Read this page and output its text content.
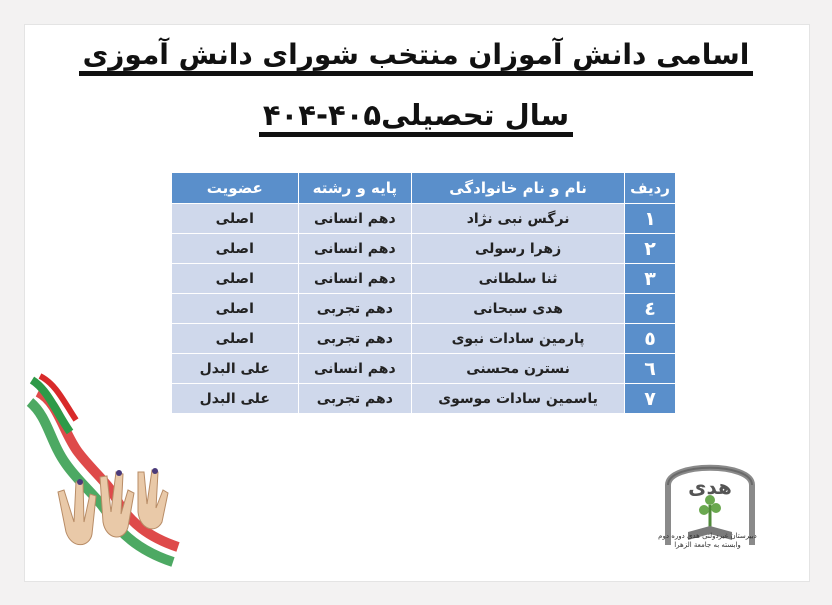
اسامی دانش آموزان منتخب شورای دانش آموزی
سال تحصیلی۴۰۵-۴۰۴
ردیف	نام و نام خانوادگی	پایه و رشته	عضویت
۱	نرگس نبی نژاد	دهم انسانی	اصلی
۲	زهرا رسولی	دهم انسانی	اصلی
۳	ثنا سلطانی	دهم انسانی	اصلی
٤	هدی سبحانی	دهم تجربی	اصلی
٥	پارمین سادات نبوی	دهم تجربی	اصلی
٦	نسترن محسنی	دهم انسانی	علی البدل
۷	یاسمین سادات موسوی	دهم تجربی	علی البدل
هدی
دبیرستان غیردولتی هدی دوره دوم
وابسته به جامعة الزهرا
